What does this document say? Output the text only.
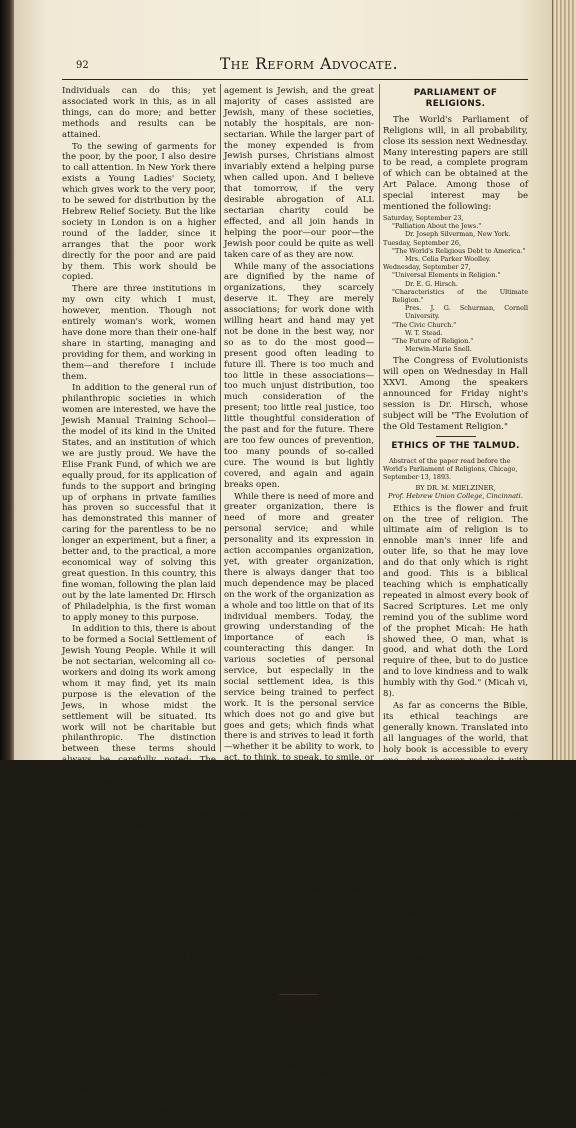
92	The Reform Advocate.

Individuals can do this; yet associated work in this, as in all things, can do more; and better methods and results can be attained.

To the sewing of garments for the poor, by the poor, I also desire to call attention. In New York there exists a Young Ladies' Society, which gives work to the very poor, to be sewed for distribution by the Hebrew Relief Society. But the like society in London is on a higher round of the ladder, since it arranges that the poor work directly for the poor and are paid by them. This work should be copied.

There are three institutions in my own city which I must, however, mention. Though not entirely woman's work, women have done more than their one-half share in starting, managing and providing for them, and working in them—and therefore I include them.

In addition to the general run of philanthropic societies in which women are interested, we have the Jewish Manual Training School—the model of its kind in the United States, and an institution of which we are justly proud. We have the Elise Frank Fund, of which we are equally proud, for its application of funds to the support and bringing up of orphans in private families has proven so successful that it has demonstrated this manner of caring for the parentless to be no longer an experiment, but a finer, a better and, to the practical, a more economical way of solving this great question. In this country, this fine woman, following the plan laid out by the late lamented Dr. Hirsch of Philadelphia, is the first woman to apply money to this purpose.

In addition to this, there is about to be formed a Social Settlement of Jewish Young People. While it will be not sectarian, welcoming all co-workers and doing its work among whom it may find, yet its main purpose is the elevation of the Jews, in whose midst the settlement will be situated. Its work will not be charitable but philanthropic. The distinction between these terms should always be carefully noted: The raising of the people from their outward and inward degradation, the helping of workingmen and women, girls and boys, to learn, to cultivate themselves—to play and relaxation and recreation—that is their mission—to inculcate the principles of independence, of self-dependence, of self-reliance; by living and working directly among them to become their friends, not their benefactors nor patrons, and thus to teach and to influence them as only personal contact can teach and influence.

Time will not permit me to go more into detail. I repeat—whatever reports are in our hands are at the disposal of anyone interested. There is also a possibility that they may be printed.

These organizations are Jewish women's organizations, doing work almost exclusively among Jewish people. Yet it must not be judged from this that Jewish women are engaged in exclusively Jewish charity (there is scarcely a charity in which our Jewish women are not represented) nor that Christians take no interest in them. While the man-

agement is Jewish, and the great majority of cases assisted are Jewish, many of these societies, notably the hospitals, are non-sectarian. While the larger part of the money expended is from Jewish purses, Christians almost invariably extend a helping purse when called upon. And I believe that tomorrow, if the very desirable abrogation of ALL sectarian charity could be effected, and all join hands in helping the poor—our poor—the Jewish poor could be quite as well taken care of as they are now.

While many of the associations are dignified by the name of organizations, they scarcely deserve it. They are merely associations; for work done with willing heart and hand may yet not be done in the best way, nor so as to do the most good—present good often leading to future ill. There is too much and too little in these associations—too much unjust distribution, too much consideration of the present; too little real justice, too little thoughtful consideration of the past and for the future. There are too few ounces of prevention, too many pounds of so-called cure. The wound is but lightly covered, and again and again breaks open.

While there is need of more and greater organization, there is need of more and greater personal service; and while personality and its expression in action accompanies organization, yet, with greater organization, there is always danger that too much dependence may be placed on the work of the organization as a whole and too little on that of its individual members. Today, the growing understanding of the importance of each is counteracting this danger. In various societies of personal service, but especially in the social settlement idea, is this service being trained to perfect work. It is the personal service which does not go and give but goes and gets; which finds what there is and strives to lead it forth—whether it be ability to work, to act, to think, to speak, to smile, or what not. That is personal service in a two-fold sense, the service to the served and to the server.

This has been a record of organized work, so-called. There is to follow this a paper on organization. Why devote time to the consideration of this subject? Do we need to study the matter more closely? Are we Jewish women particularly interested, and if so, why? Are we organized? and if not, should we be? and why?

If you will give me your indulgent attention for some minutes longer, I will endeavor, with your kind permission, to answer these questions.

[TO BE CONTINUED.]
AT SEA.
A human life is but a bark at sea,
Impelled by shifting winds of destiny;
Exposed to threat'ning rocks of cruel chance,
The sport of every wave of circumstance.
And when its brief erratic course is run,
It sinks into the dark oblivion;
Time's restless waters close above the spot,
Its form, its name, its mission are forgot.
—Milton Goldsmith, in Godey's Magazine.
PARLIAMENT OF RELIGIONS.

The World's Parliament of Religions will, in all probability, close its session next Wednesday. Many interesting papers are still to be read, a complete program of which can be obtained at the Art Palace. Among those of special interest may be mentioned the following:

Saturday, September 23,
"Palliation About the Jews."
Dr. Joseph Silverman, New York.
Tuesday, September 26,
"The World's Religious Debt to America."
Mrs. Celia Parker Woolley.
Wednesday, September 27,
"Universal Elements in Religion."
Dr. E. G. Hirsch.
"Characteristics of the Ultimate Religion."
Pres. J. G. Schurman, Cornell University.
"The Civic Church."
W. T. Stead.
"The Future of Religion."
Merwin-Marie Snell.

The Congress of Evolutionists will open on Wednesday in Hall XXVI. Among the speakers announced for Friday night's session is Dr. Hirsch, whose subject will be "The Evolution of the Old Testament Religion."

ETHICS OF THE TALMUD.
Abstract of the paper read before the World's Parliament of Religions, Chicago, September 13, 1893.
BY DR. M. MIELZINER,
Prof. Hebrew Union College, Cincinnati.

Ethics is the flower and fruit on the tree of religion. The ultimate aim of religion is to ennoble man's inner life and outer life, so that he may love and do that only which is right and good. This is a biblical teaching which is emphatically repeated in almost every book of Sacred Scriptures. Let me only remind you of the sublime word of the prophet Micah: He hath showed thee, O man, what is good, and what doth the Lord require of thee, but to do justice and to love kindness and to walk humbly with thy God." (Micah vi, 8).

As far as concerns the Bible, its ethical teachings are generally known. Translated into all languages of the world, that holy book is accessible to every one, and whoever reads it with open eyes and with an unbiased mind will admit that it teaches the highest principles of morality, principles which have not been surpassed and superseded by any ethical system of ancient or modern philosophy.

But how about the Talmud, that immense literary work whose authority was long esteemed second to that of the Bible? What are the ethical teachings of the Talmud?

Although mainly engaged with discussions of the Law, the civil and ritual Law, as developed on the basis of the Bible during Israel's second commonwealth down to the sixth century of the Christian era, the Talmud devotes also much attention to ethical subjects. Not only is one treatise of the Mishna (The Pirke Aboth) almost exclusively occupied with ethical teachings, but such teachings are also very abundantly con-
